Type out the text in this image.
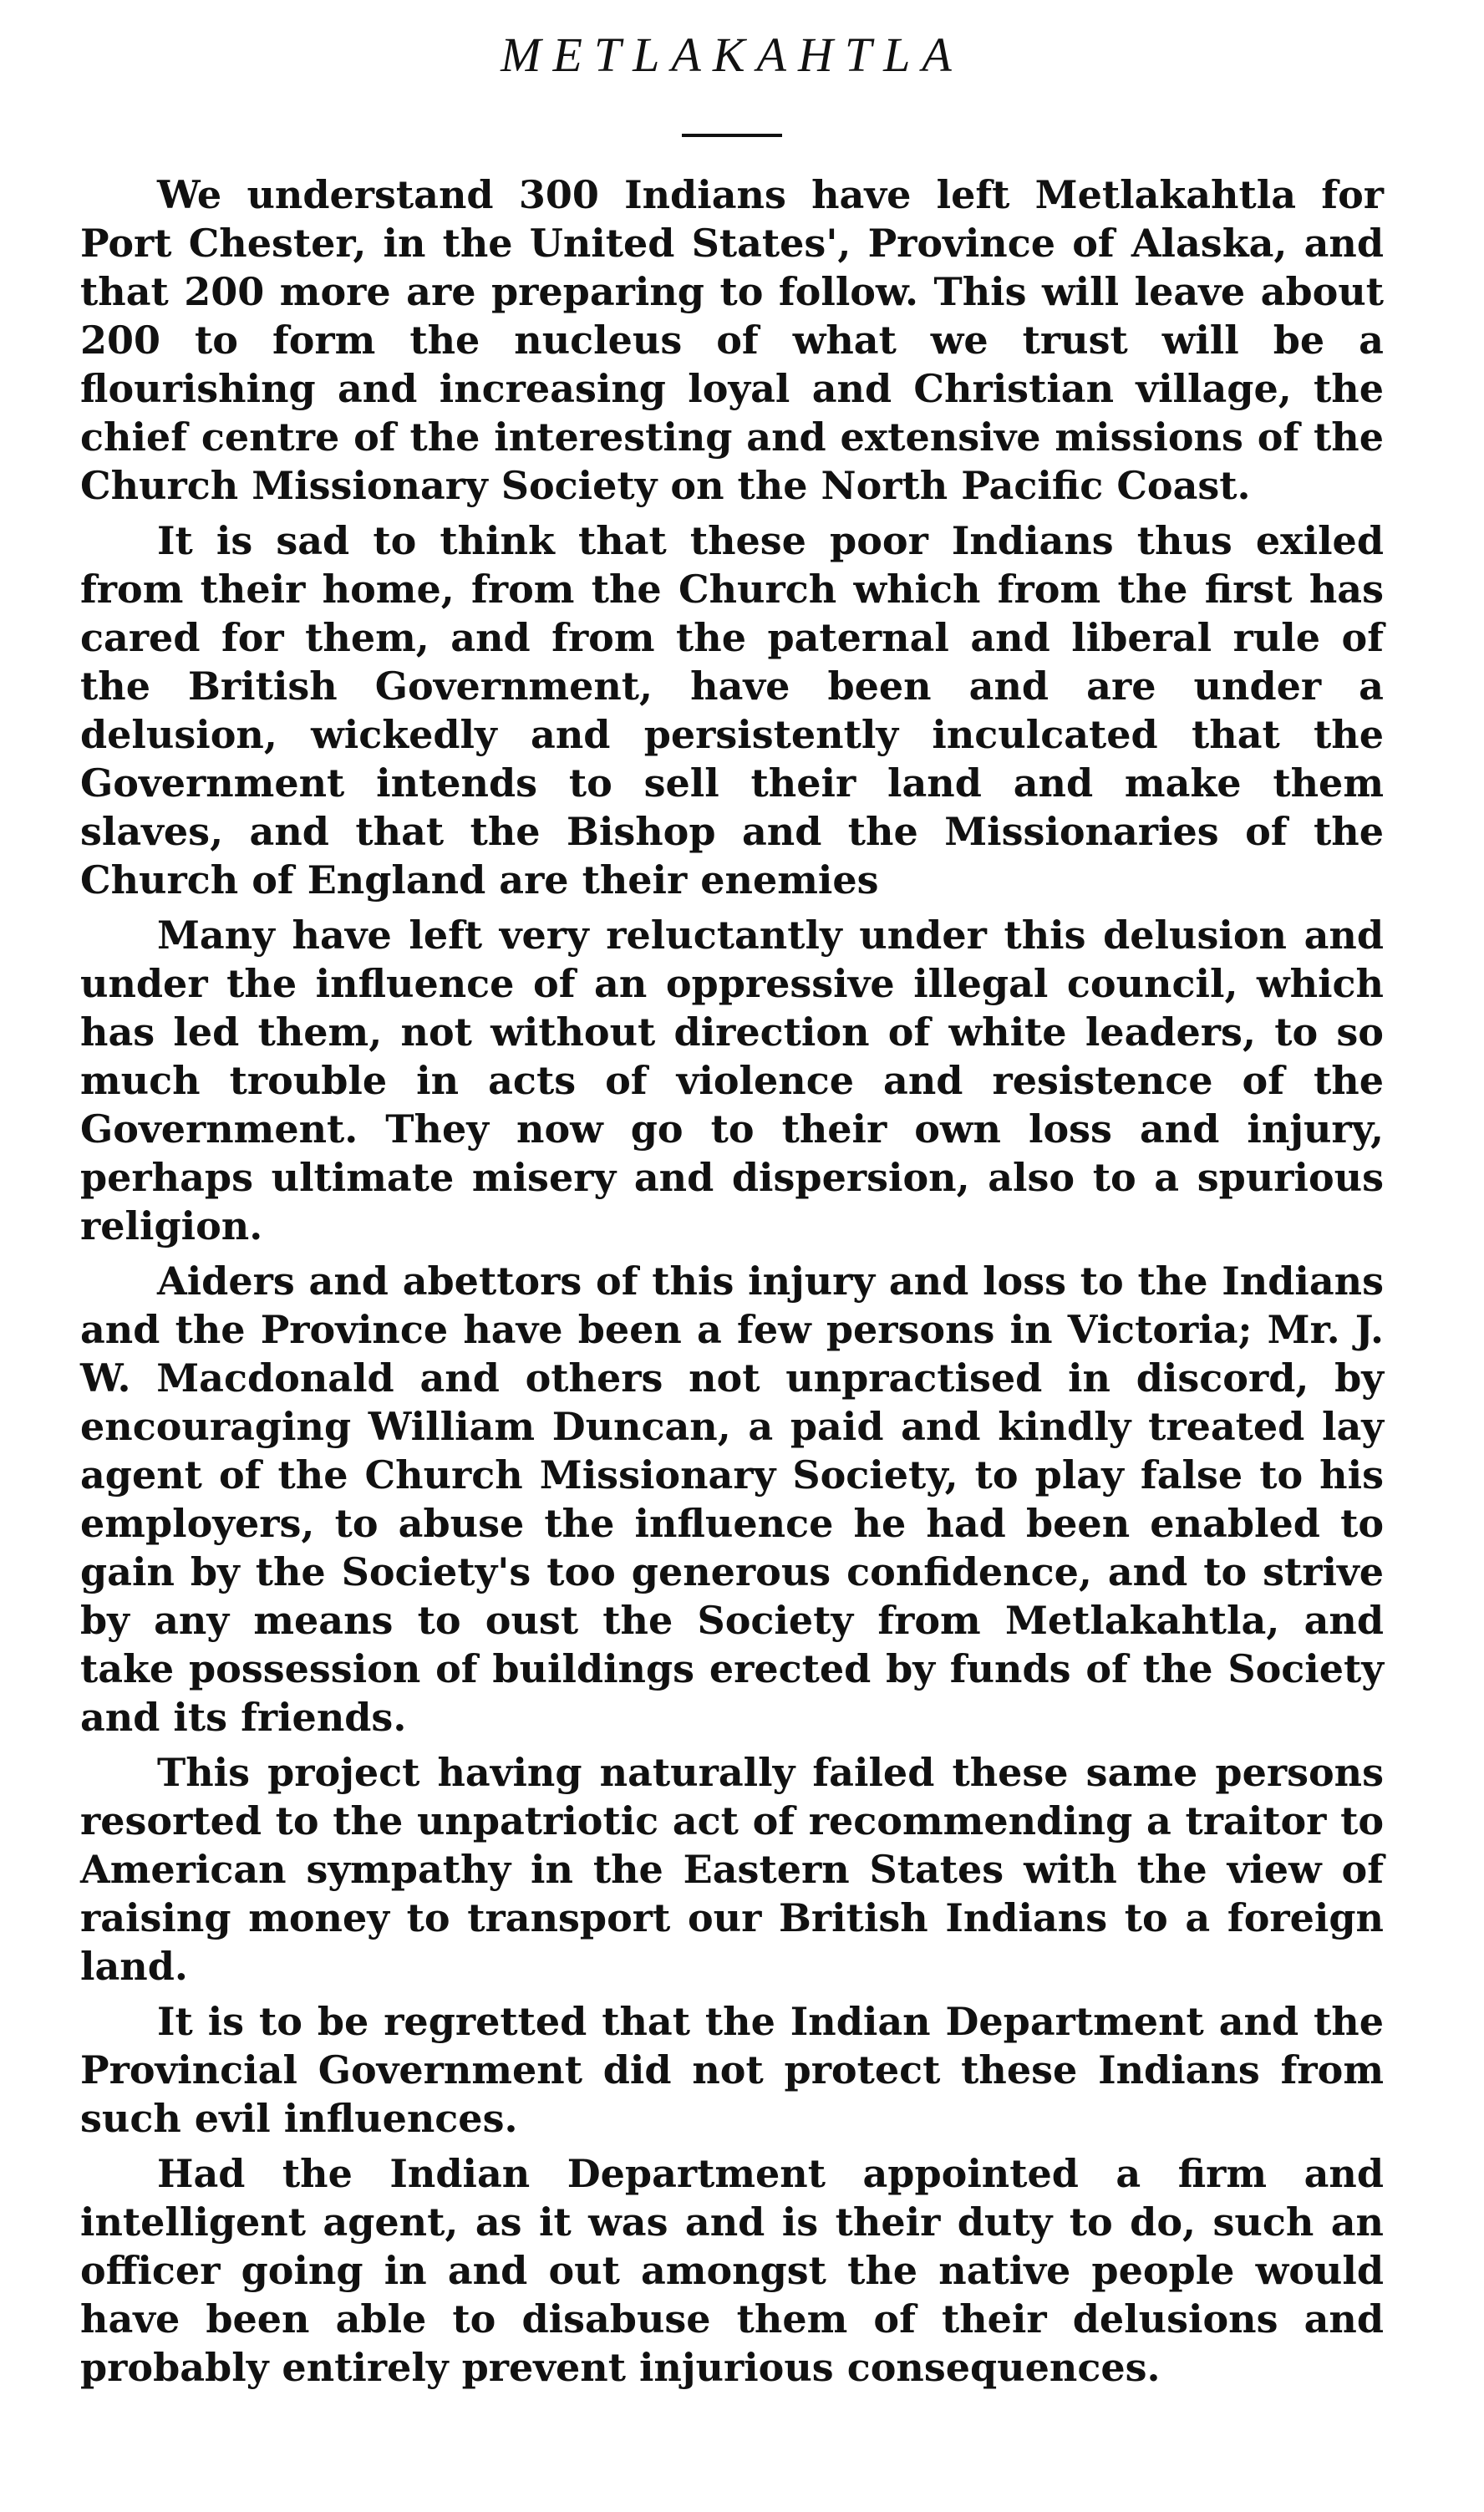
METLAKAHTLA

We understand 300 Indians have left Metlakahtla for Port Chester, in the United States', Province of Alaska, and that 200 more are preparing to follow. This will leave about 200 to form the nucleus of what we trust will be a flourishing and increasing loyal and Christian village, the chief centre of the interesting and extensive missions of the Church Missionary Society on the North Pacific Coast.

It is sad to think that these poor Indians thus exiled from their home, from the Church which from the first has cared for them, and from the paternal and liberal rule of the British Government, have been and are under a delusion, wickedly and persistently inculcated that the Government intends to sell their land and make them slaves, and that the Bishop and the Missionaries of the Church of England are their enemies

Many have left very reluctantly under this delusion and under the influence of an oppressive illegal council, which has led them, not without direction of white leaders, to so much trouble in acts of violence and resistence of the Government. They now go to their own loss and injury, perhaps ultimate misery and dispersion, also to a spurious religion.

Aiders and abettors of this injury and loss to the Indians and the Province have been a few persons in Victoria; Mr. J. W. Macdonald and others not unpractised in discord, by encouraging William Duncan, a paid and kindly treated lay agent of the Church Missionary Society, to play false to his employers, to abuse the influence he had been enabled to gain by the Society's too generous confidence, and to strive by any means to oust the Society from Metlakahtla, and take possession of buildings erected by funds of the Society and its friends.

This project having naturally failed these same persons resorted to the unpatriotic act of recommending a traitor to American sympathy in the Eastern States with the view of raising money to transport our British Indians to a foreign land.

It is to be regretted that the Indian Department and the Provincial Government did not protect these Indians from such evil influences.

Had the Indian Department appointed a firm and intelligent agent, as it was and is their duty to do, such an officer going in and out amongst the native people would have been able to disabuse them of their delusions and probably entirely prevent injurious consequences.
